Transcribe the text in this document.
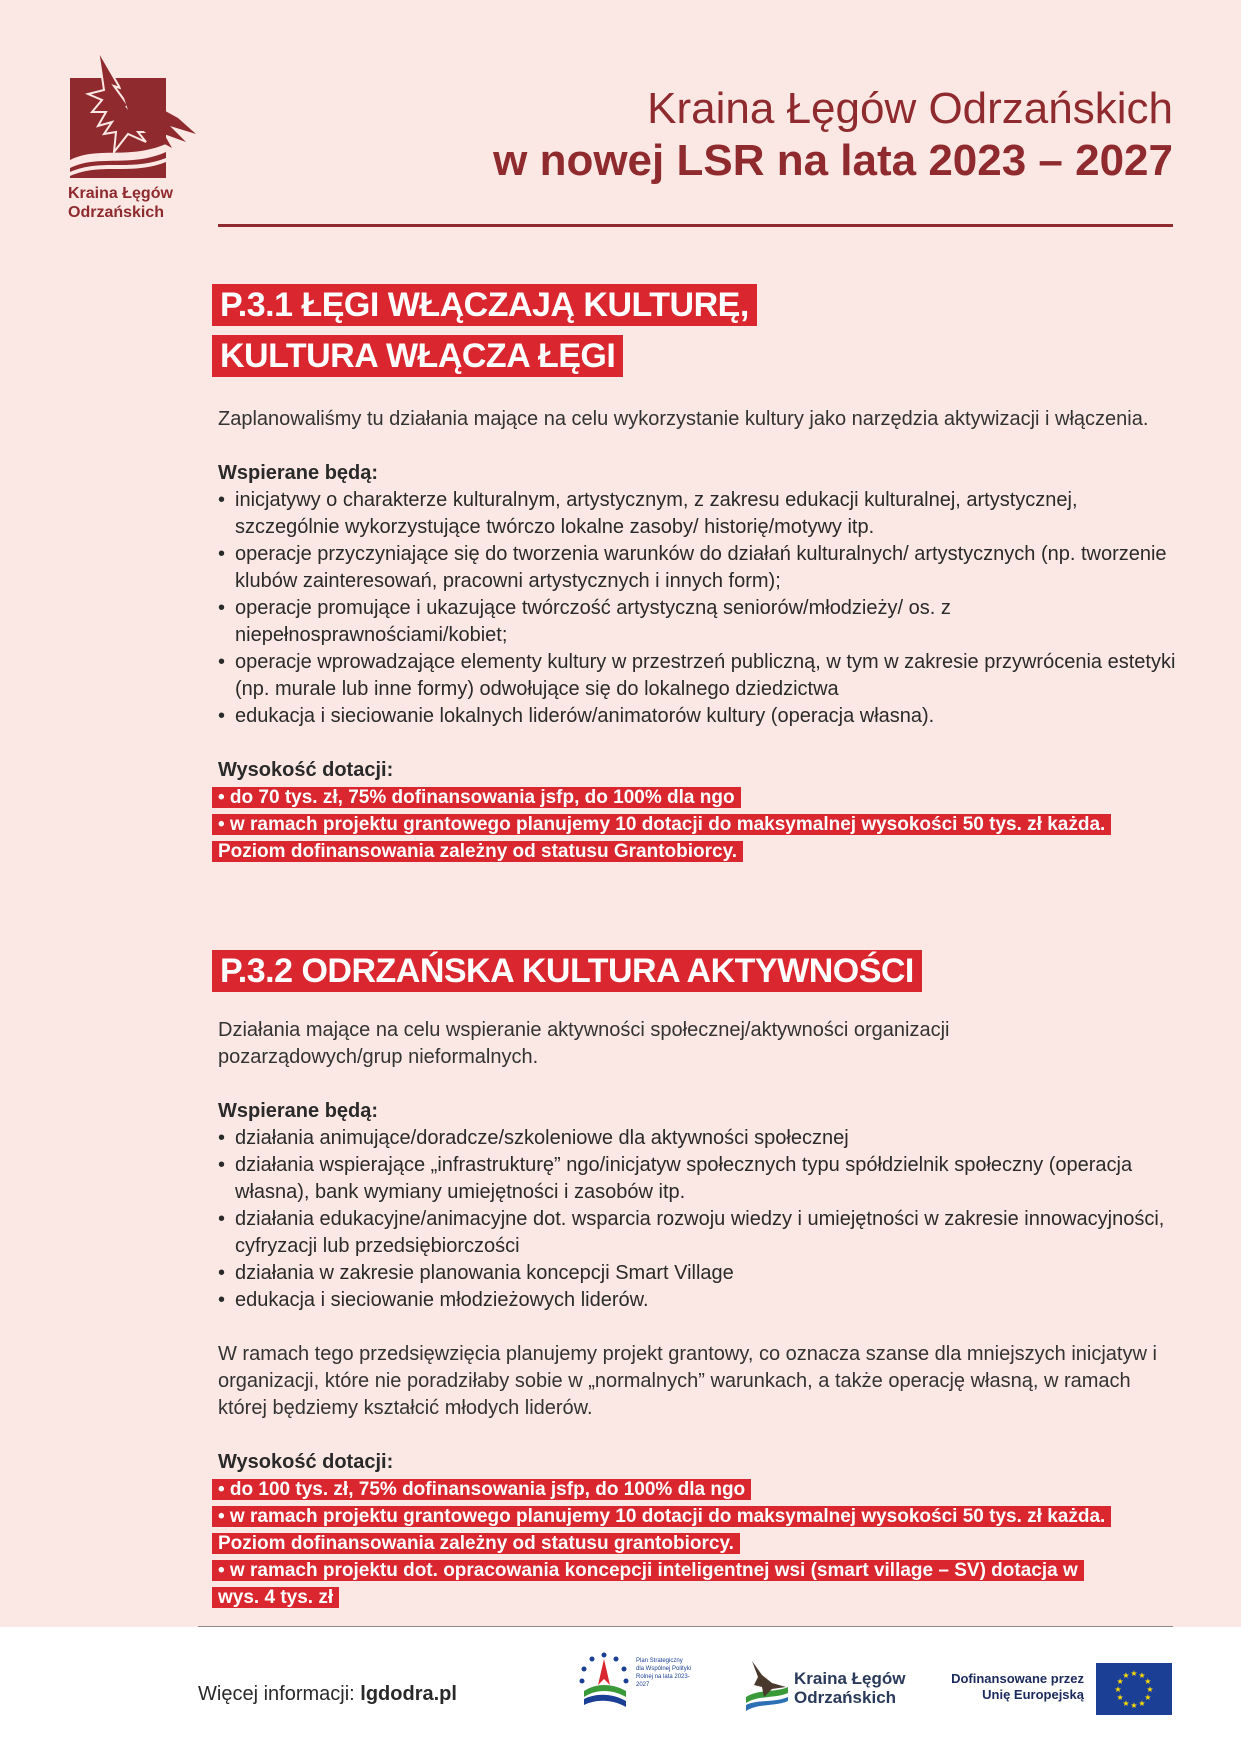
Kraina Łęgów
Odrzańskich
Kraina Łęgów Odrzańskich
w nowej LSR na lata 2023 – 2027
P.3.1 ŁĘGI WŁĄCZAJĄ KULTURĘ,
KULTURA WŁĄCZA ŁĘGI

Zaplanowaliśmy tu działania mające na celu wykorzystanie kultury jako narzędzia aktywizacji i włączenia.

Wspierane będą:

• inicjatywy o charakterze kulturalnym, artystycznym, z zakresu edukacji kulturalnej, artystycznej, szczególnie wykorzystujące twórczo lokalne zasoby/ historię/motywy itp.
• operacje przyczyniające się do tworzenia warunków do działań kulturalnych/ artystycznych (np. tworzenie klubów zainteresowań, pracowni artystycznych i innych form);
• operacje promujące i ukazujące twórczość artystyczną seniorów/młodzieży/ os. z niepełnosprawnościami/kobiet;
• operacje wprowadzające elementy kultury w przestrzeń publiczną, w tym w zakresie przywrócenia estetyki (np. murale lub inne formy) odwołujące się do lokalnego dziedzictwa
• edukacja i sieciowanie lokalnych liderów/animatorów kultury (operacja własna).

Wysokość dotacji:

• do 70 tys. zł, 75% dofinansowania jsfp, do 100% dla ngo
• w ramach projektu grantowego planujemy 10 dotacji do maksymalnej wysokości 50 tys. zł każda. Poziom dofinansowania zależny od statusu Grantobiorcy.
P.3.2 ODRZAŃSKA KULTURA AKTYWNOŚCI

Działania mające na celu wspieranie aktywności społecznej/aktywności organizacji pozarządowych/grup nieformalnych.

Wspierane będą:

• działania animujące/doradcze/szkoleniowe dla aktywności społecznej
• działania wspierające „infrastrukturę” ngo/inicjatyw społecznych typu spółdzielnik społeczny (operacja własna), bank wymiany umiejętności i zasobów itp.
• działania edukacyjne/animacyjne dot. wsparcia rozwoju wiedzy i umiejętności w zakresie innowacyjności, cyfryzacji lub przedsiębiorczości
• działania w zakresie planowania koncepcji Smart Village
• edukacja i sieciowanie młodzieżowych liderów.

W ramach tego przedsięwzięcia planujemy projekt grantowy, co oznacza szanse dla mniejszych inicjatyw i organizacji, które nie poradziłaby sobie w „normalnych” warunkach, a także operację własną, w ramach której będziemy kształcić młodych liderów.

Wysokość dotacji:

• do 100 tys. zł, 75% dofinansowania jsfp, do 100% dla ngo
• w ramach projektu grantowego planujemy 10 dotacji do maksymalnej wysokości 50 tys. zł każda. Poziom dofinansowania zależny od statusu grantobiorcy.
• w ramach projektu dot. opracowania koncepcji inteligentnej wsi (smart village – SV) dotacja w wys. 4 tys. zł
Więcej informacji: lgdodra.pl
Plan Strategiczny dla Wspólnej Polityki Rolnej na lata 2023-2027	Kraina Łęgów
Odrzańskich
Dofinansowane przez
Unię Europejską
★ ★
★
★
★
★
★
★
★
★
★
★
